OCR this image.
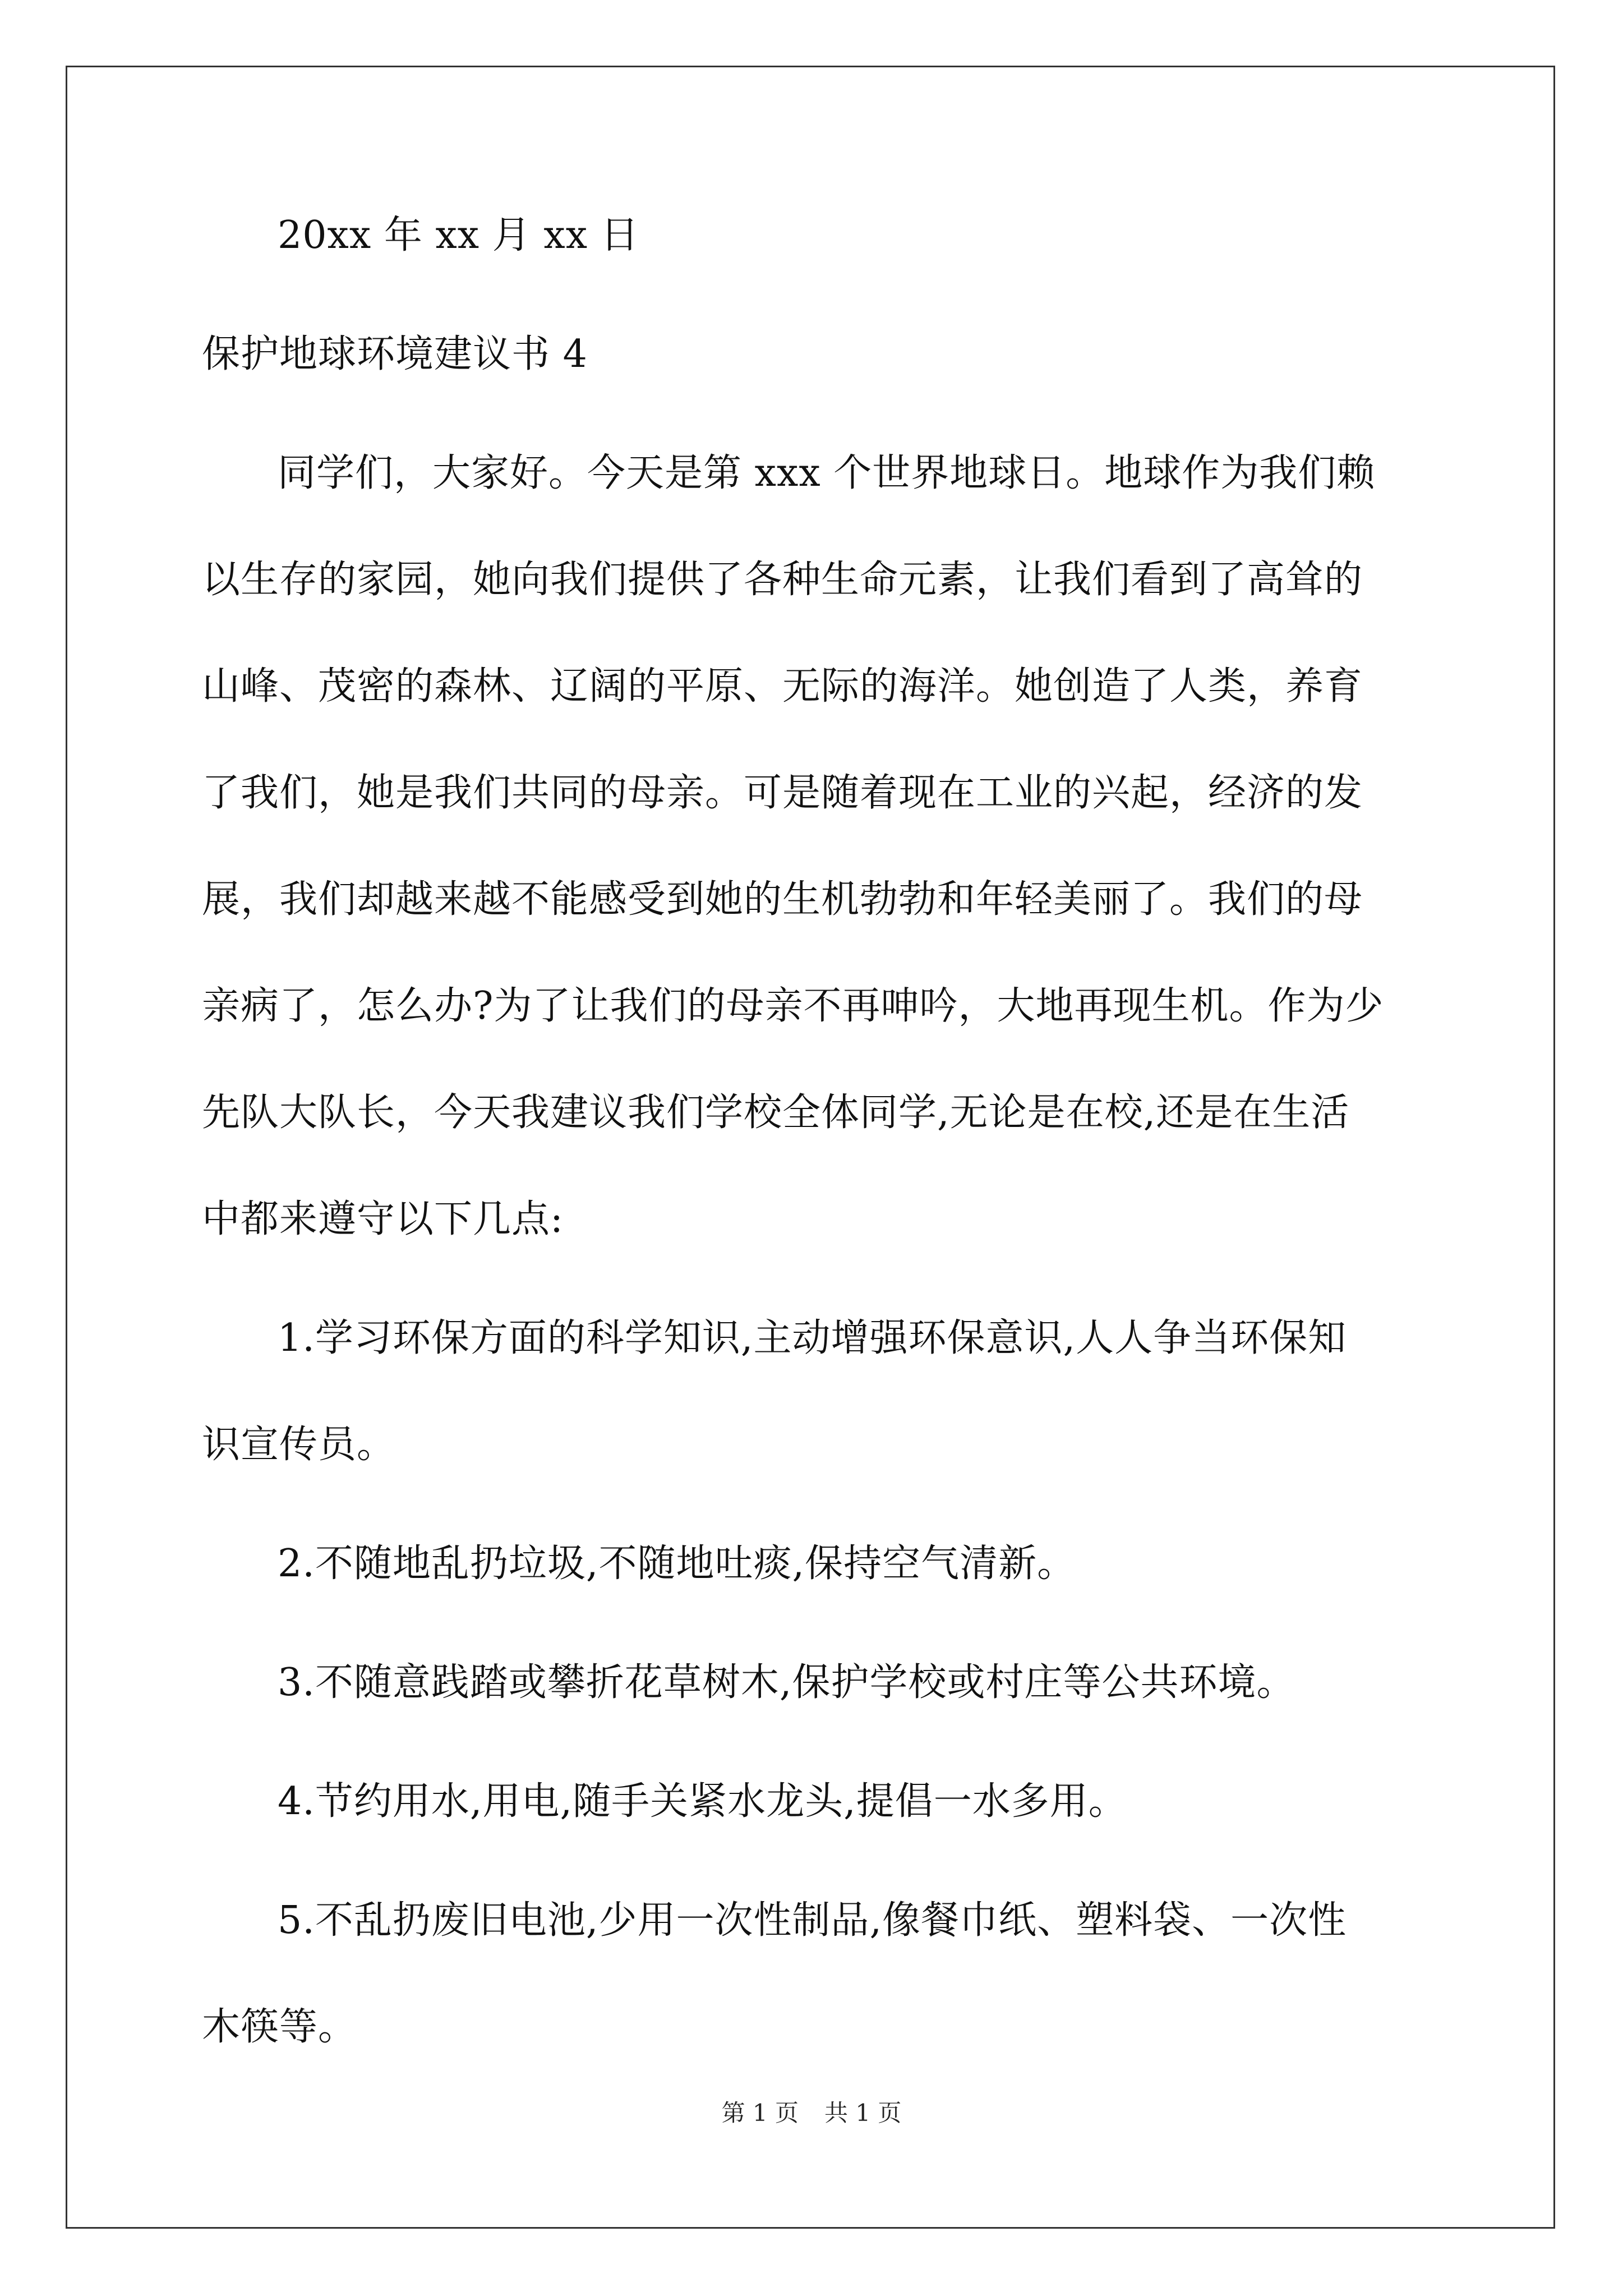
20xx 年 xx 月 xx 日
保护地球环境建议书 4
同学们，大家好。今天是第 xxx 个世界地球日。地球作为我们赖
以生存的家园，她向我们提供了各种生命元素，让我们看到了高耸的
山峰、茂密的森林、辽阔的平原、无际的海洋。她创造了人类，养育
了我们，她是我们共同的母亲。可是随着现在工业的兴起，经济的发
展，我们却越来越不能感受到她的生机勃勃和年轻美丽了。我们的母
亲病了，怎么办?为了让我们的母亲不再呻吟，大地再现生机。作为少
先队大队长，今天我建议我们学校全体同学,无论是在校,还是在生活
中都来遵守以下几点:
1.学习环保方面的科学知识,主动增强环保意识,人人争当环保知
识宣传员。
2.不随地乱扔垃圾,不随地吐痰,保持空气清新。
3.不随意践踏或攀折花草树木,保护学校或村庄等公共环境。
4.节约用水,用电,随手关紧水龙头,提倡一水多用。
5.不乱扔废旧电池,少用一次性制品,像餐巾纸、塑料袋、一次性
木筷等。
第 1 页 共 1 页
